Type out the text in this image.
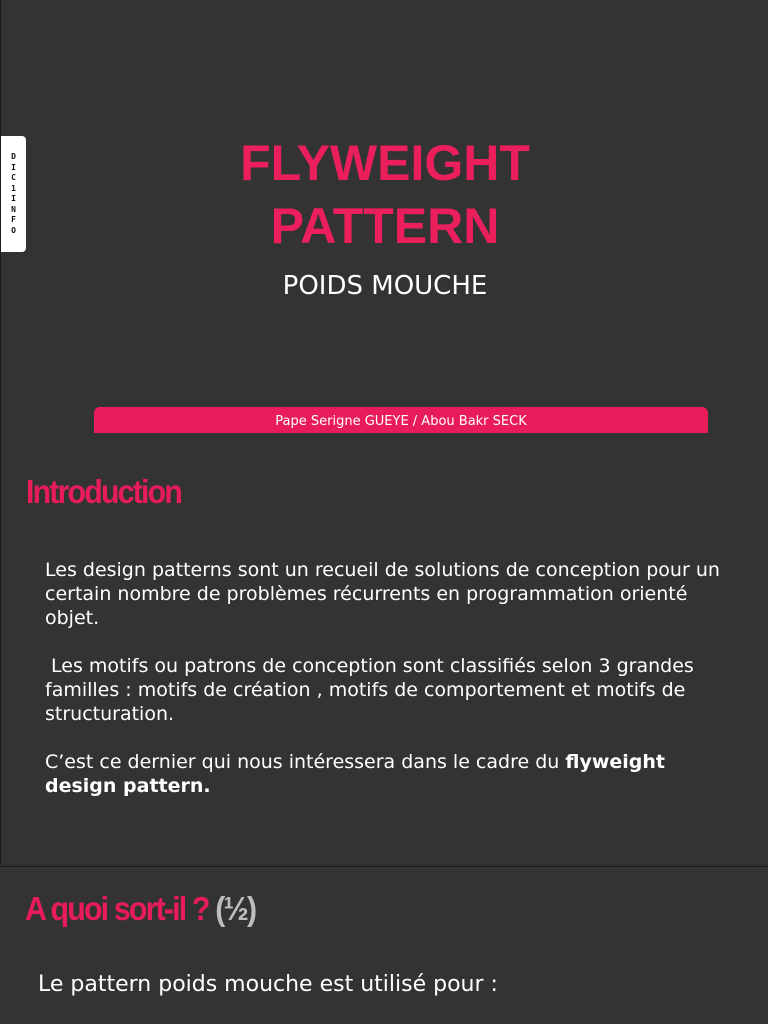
D
I
C
1
I
N
F
O
FLYWEIGHT
PATTERN
POIDS MOUCHE
Pape Serigne GUEYE / Abou Bakr SECK
Introduction

Les design patterns sont un recueil de solutions de conception pour un certain nombre de problèmes récurrents en programmation orienté objet.

Les motifs ou patrons de conception sont classifiés selon 3 grandes familles : motifs de création , motifs de comportement et motifs de structuration.

C’est ce dernier qui nous intéressera dans le cadre du flyweight design pattern.

A quoi sort-il ? (½)
Le pattern poids mouche est utilisé pour :
